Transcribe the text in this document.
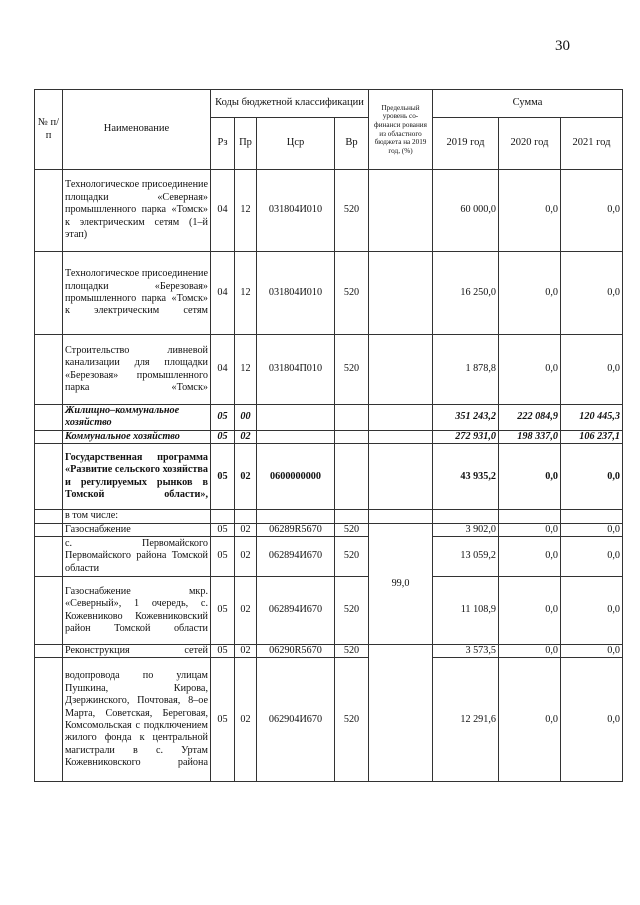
30
№ п/п	Наименование	Коды бюджетной классификации				Предельный уровень со-финанси рования из областного бюджета на 2019 год, (%)	Сумма		
		Рз	Пр	Цср	Вр		2019 год	2020 год	2021 год
	Технологическое присоединение площадки «Северная» промышленного парка «Томск» к электрическим сетям (1–й этап)	04	12	031804И010	520		60 000,0	0,0	0,0
	Технологическое присоединение площадки «Березовая» промышленного парка «Томск» к электрическим сетям	04	12	031804И010	520		16 250,0	0,0	0,0
	Строительство ливневой канализации для площадки «Березовая» промышленного парка «Томск»	04	12	031804П010	520		1 878,8	0,0	0,0
	Жилищно–коммунальное хозяйство	05	00				351 243,2	222 084,9	120 445,3
	Коммунальное хозяйство	05	02				272 931,0	198 337,0	106 237,1
	Государственная программа «Развитие сельского хозяйства и регулируемых рынков в Томской области»,	05	02	0600000000			43 935,2	0,0	0,0
	в том числе:								
	Газоснабжение	05	02	06289R5670	520	99,0	3 902,0	0,0	0,0
	с. Первомайского Первомайского района Томской области	05	02	062894И670	520		13 059,2	0,0	0,0
	Газоснабжение мкр. «Северный», 1 очередь, с. Кожевниково Кожевниковский район Томской области	05	02	062894И670	520		11 108,9	0,0	0,0
	Реконструкция сетей	05	02	06290R5670	520		3 573,5	0,0	0,0
	водопровода по улицам Пушкина, Кирова, Дзержинского, Почтовая, 8–ое Марта, Советская, Береговая, Комсомольская с подключением жилого фонда к центральной магистрали в с. Уртам Кожевниковского района	05	02	062904И670	520		12 291,6	0,0	0,0
